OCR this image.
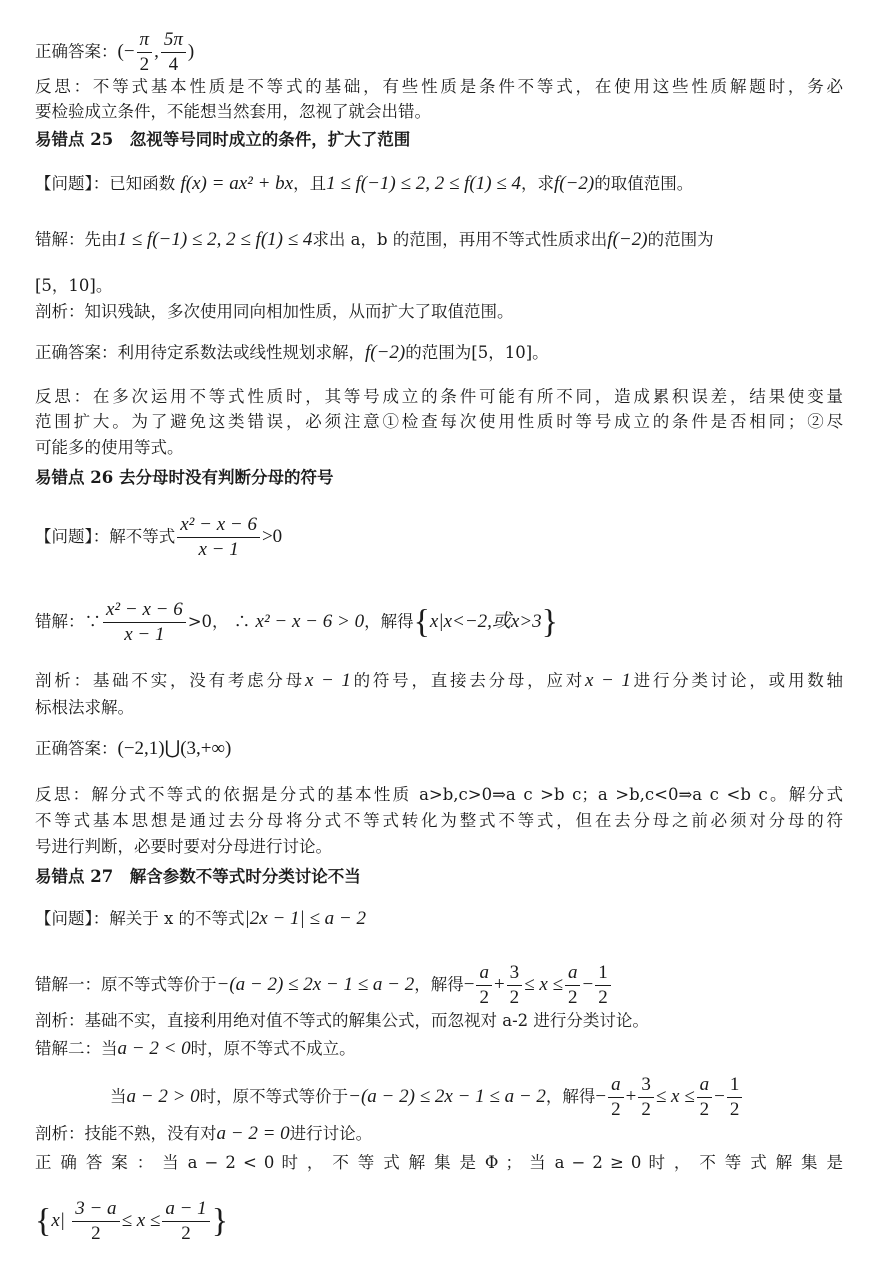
正确答案：(− $\frac{\pi}{2}$ , $\frac{5\pi}{4}$ )
反思：不等式基本性质是不等式的基础，有些性质是条件不等式，在使用这些性质解题时，务必
要检验成立条件，不能想当然套用，忽视了就会出错。
易错点 25　忽视等号同时成立的条件，扩大了范围
【问题】：已知函数 f(x) = ax² + bx，且1 ≤ f(−1) ≤ 2, 2 ≤ f(1) ≤ 4，求f(−2)的取值范围。
错解：先由1 ≤ f(−1) ≤ 2, 2 ≤ f(1) ≤ 4求出 a，b 的范围，再用不等式性质求出f(−2)的范围为
[5，10]。
剖析：知识残缺，多次使用同向相加性质，从而扩大了取值范围。
正确答案：利用待定系数法或线性规划求解，f(−2)的范围为[5，10]。
反思：在多次运用不等式性质时，其等号成立的条件可能有所不同，造成累积误差，结果使变量
范围扩大。为了避免这类错误，必须注意①检查每次使用性质时等号成立的条件是否相同；②尽
可能多的使用等式。
易错点 26 去分母时没有判断分母的符号
【问题】：解不等式 $\frac{\text{x² − x − 6}}{x - 1} >0$
错解：∵ $\frac{\text{x² − x − 6}}{x - 1} >0$， ∴ x² − x − 6 > 0，解得{x|x<−2,或x>3}
剖析：基础不实，没有考虑分母x − 1的符号，直接去分母，应对x − 1进行分类讨论，或用数轴
标根法求解。
正确答案：(−2,1)⋃(3,+∞)
反思：解分式不等式的依据是分式的基本性质 a>b,c>0⇒a c >b c；a >b,c<0⇒a c <b c。解分式
不等式基本思想是通过去分母将分式不等式转化为整式不等式，但在去分母之前必须对分母的符
号进行判断，必要时要对分母进行讨论。
易错点 27　解含参数不等式时分类讨论不当
【问题】：解关于 x 的不等式|2x − 1| ≤ a − 2
错解一：原不等式等价于−(a − 2) ≤ 2x − 1 ≤ a − 2，解得− $\frac{a}{2} + \frac{3}{2} \le x \le \frac{a}{2} - \frac{1}{2}$
剖析：基础不实，直接利用绝对值不等式的解集公式，而忽视对 a-2 进行分类讨论。
错解二：当a − 2 < 0时，原不等式不成立。
当a − 2 > 0时，原不等式等价于−(a − 2) ≤ 2x − 1 ≤ a − 2，解得− $\frac{a}{2} + \frac{3}{2} \le x \le \frac{a}{2} - \frac{1}{2}$
剖析：技能不熟，没有对a − 2 = 0进行讨论。
正 确 答 案 ： 当 a − 2 < 0 时 ， 不 等 式 解 集 是 Φ ； 当 a − 2 ≥ 0 时 ， 不 等 式 解 集 是
{$x| \frac{3 - a}{2} \le x \le \frac{a - 1}{2}$ }
